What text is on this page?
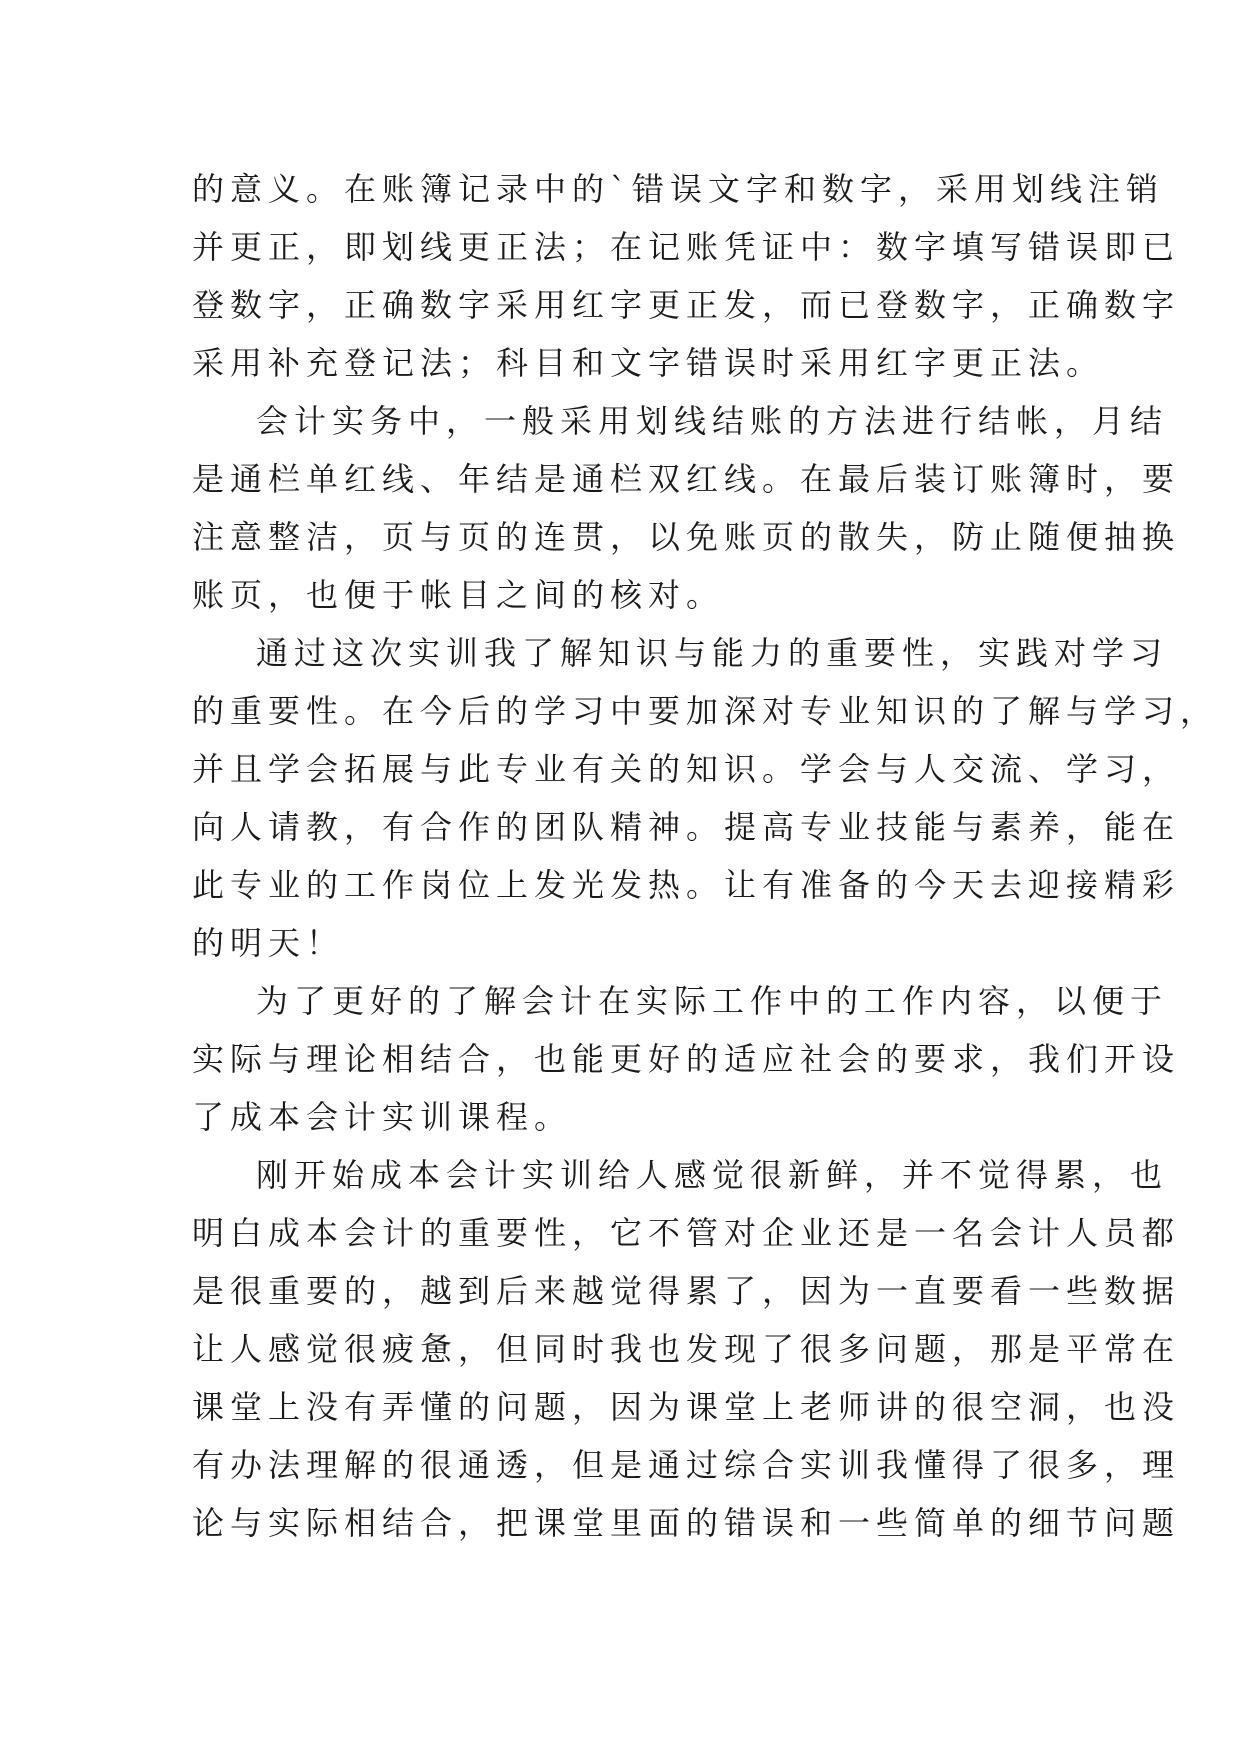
的意义。在账簿记录中的`错误文字和数字，采用划线注销
并更正，即划线更正法；在记账凭证中：数字填写错误即已
登数字，正确数字采用红字更正发，而已登数字，正确数字
采用补充登记法；科目和文字错误时采用红字更正法。
会计实务中，一般采用划线结账的方法进行结帐，月结
是通栏单红线、年结是通栏双红线。在最后装订账簿时，要
注意整洁，页与页的连贯，以免账页的散失，防止随便抽换
账页，也便于帐目之间的核对。
通过这次实训我了解知识与能力的重要性，实践对学习
的重要性。在今后的学习中要加深对专业知识的了解与学习，
并且学会拓展与此专业有关的知识。学会与人交流、学习，
向人请教，有合作的团队精神。提高专业技能与素养，能在
此专业的工作岗位上发光发热。让有准备的今天去迎接精彩
的明天！
为了更好的了解会计在实际工作中的工作内容，以便于
实际与理论相结合，也能更好的适应社会的要求，我们开设
了成本会计实训课程。
刚开始成本会计实训给人感觉很新鲜，并不觉得累，也
明白成本会计的重要性，它不管对企业还是一名会计人员都
是很重要的，越到后来越觉得累了，因为一直要看一些数据
让人感觉很疲惫，但同时我也发现了很多问题，那是平常在
课堂上没有弄懂的问题，因为课堂上老师讲的很空洞，也没
有办法理解的很通透，但是通过综合实训我懂得了很多，理
论与实际相结合，把课堂里面的错误和一些简单的细节问题
